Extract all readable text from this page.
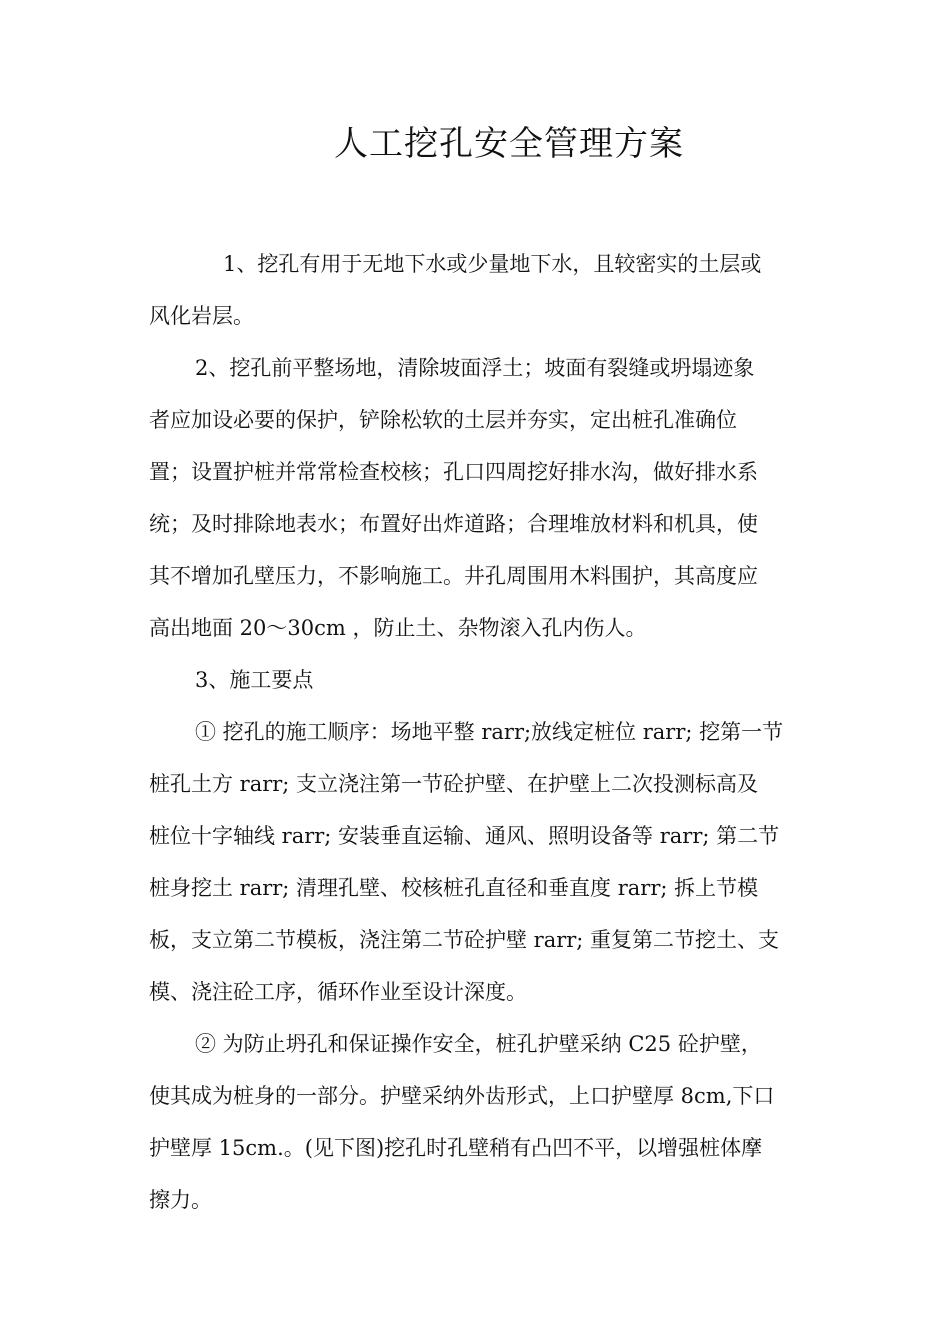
人工挖孔安全管理方案
1、挖孔有用于无地下水或少量地下水，且较密实的土层或
风化岩层。
2、挖孔前平整场地，清除坡面浮土；坡面有裂缝或坍塌迹象
者应加设必要的保护，铲除松软的土层并夯实，定出桩孔准确位
置；设置护桩并常常检查校核；孔口四周挖好排水沟，做好排水系
统；及时排除地表水；布置好出炸道路；合理堆放材料和机具，使
其不增加孔壁压力，不影响施工。井孔周围用木料围护，其高度应
高出地面 20～30cm ，防止土、杂物滚入孔内伤人。
3、施工要点
① 挖孔的施工顺序：场地平整 rarr;放线定桩位 rarr; 挖第一节
桩孔土方 rarr; 支立浇注第一节砼护壁、在护壁上二次投测标高及
桩位十字轴线 rarr; 安装垂直运输、通风、照明设备等 rarr; 第二节
桩身挖土 rarr; 清理孔壁、校核桩孔直径和垂直度 rarr; 拆上节模
板，支立第二节模板，浇注第二节砼护壁 rarr; 重复第二节挖土、支
模、浇注砼工序，循环作业至设计深度。
② 为防止坍孔和保证操作安全，桩孔护壁采纳 C25 砼护壁，
使其成为桩身的一部分。护壁采纳外齿形式，上口护壁厚 8cm,下口
护壁厚 15cm.。(见下图)挖孔时孔壁稍有凸凹不平，以增强桩体摩
擦力。
